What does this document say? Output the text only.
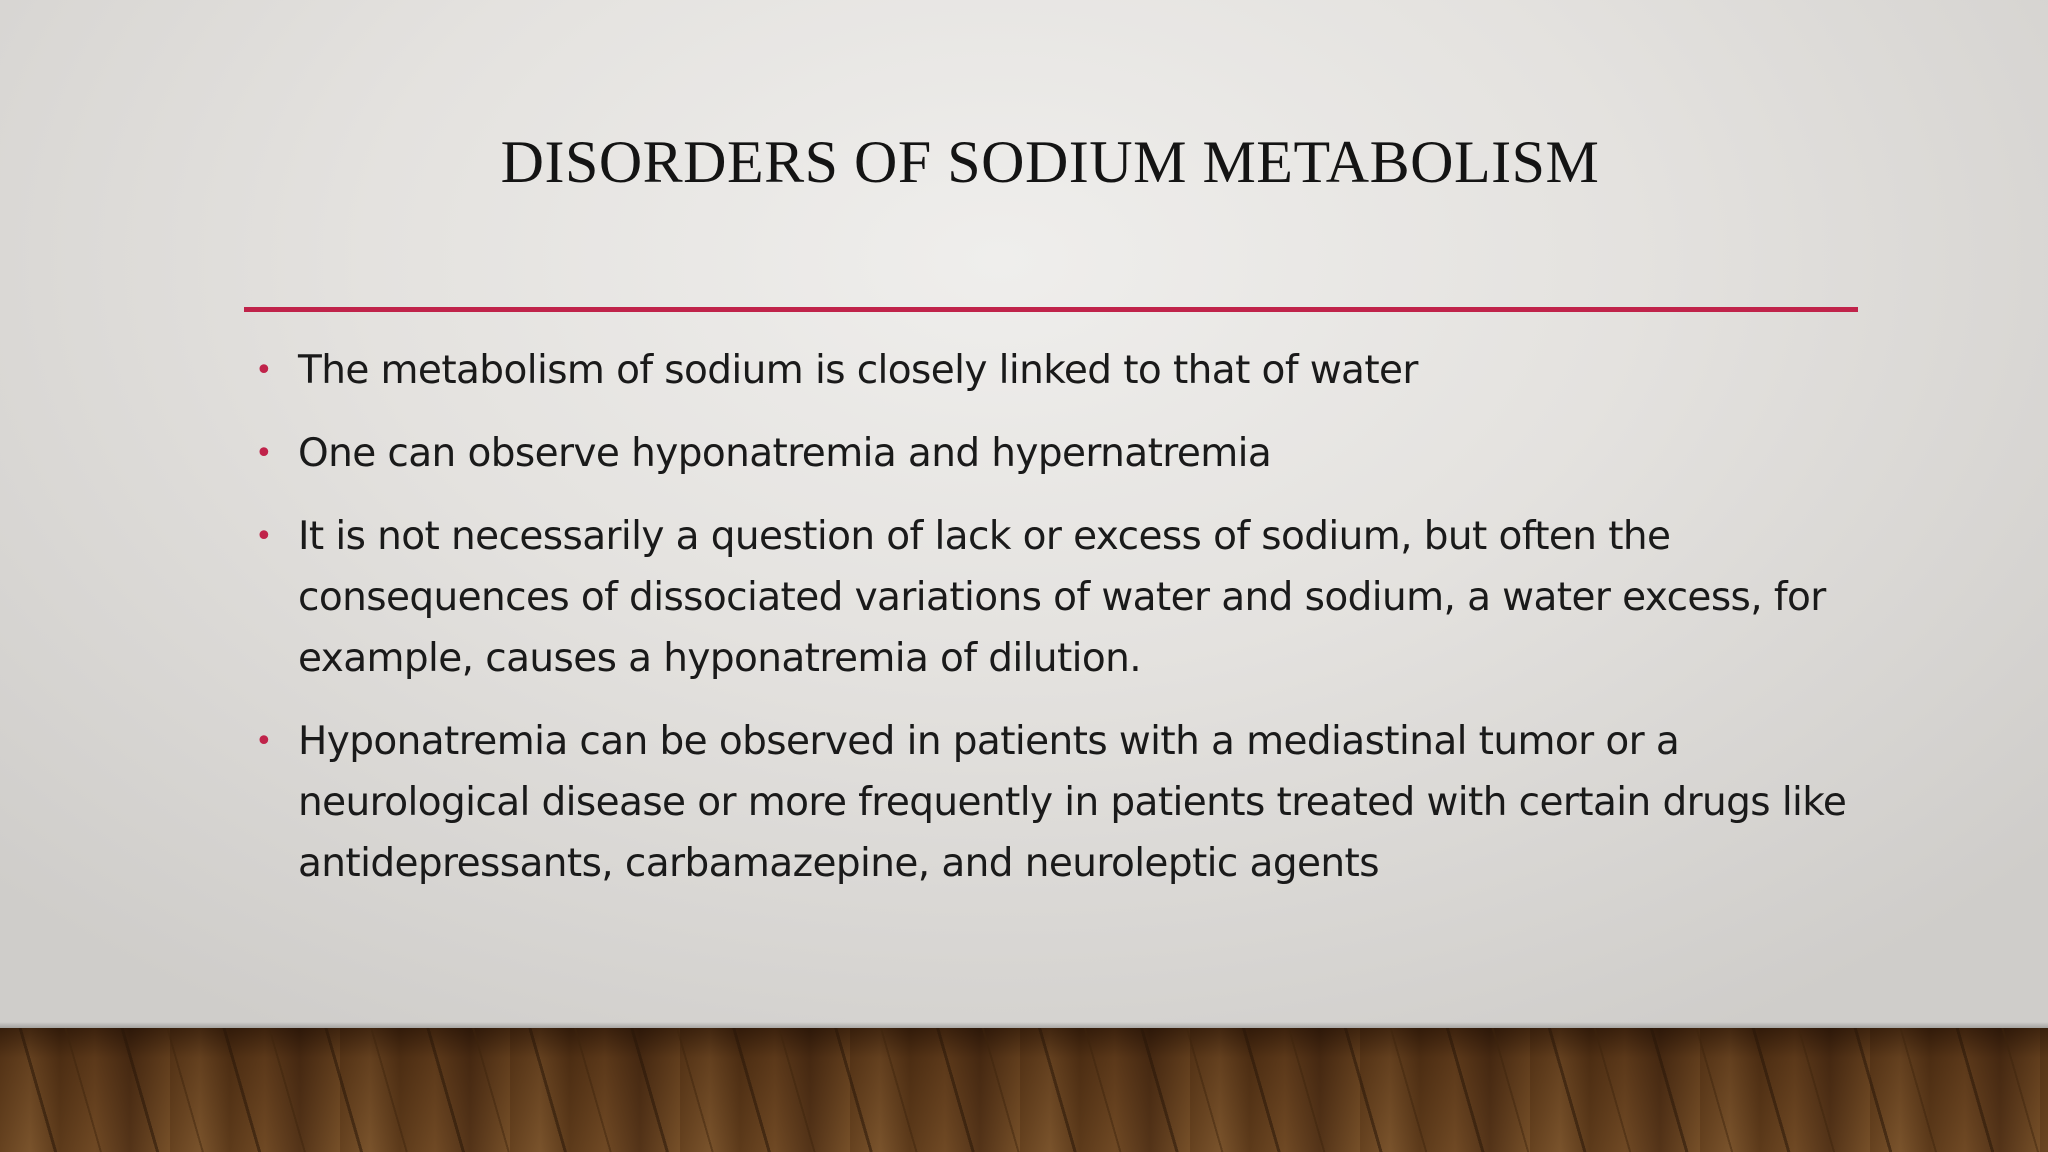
DISORDERS OF SODIUM METABOLISM
• The metabolism of sodium is closely linked to that of water
• One can observe hyponatremia and hypernatremia
• It is not necessarily a question of lack or excess of sodium, but often the consequences of dissociated variations of water and sodium, a water excess, for example, causes a hyponatremia of dilution.
• Hyponatremia can be observed in patients with a mediastinal tumor or a neurological disease or more frequently in patients treated with certain drugs like antidepressants, carbamazepine, and neuroleptic agents
